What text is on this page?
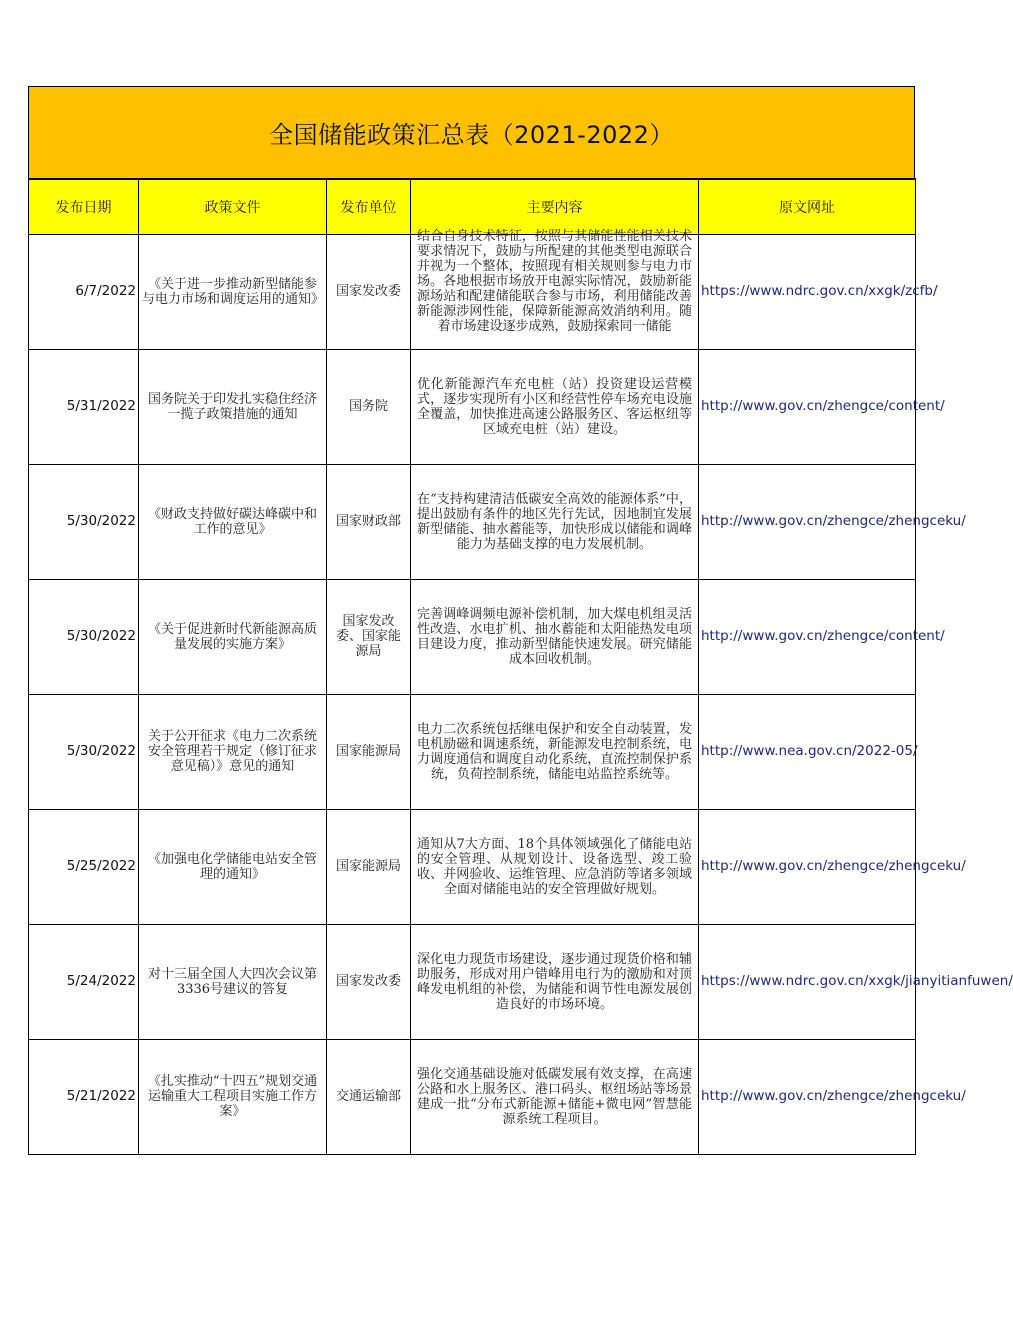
全国储能政策汇总表（2021-2022）
发布日期	政策文件	发布单位	主要内容	原文网址
6/7/2022	《关于进一步推动新型储能参与电力市场和调度运用的通知》	国家发改委	结合自身技术特征，按照与其储能性能相关技术要求情况下，鼓励与所配建的其他类型电源联合并视为一个整体，按照现有相关规则参与电力市场。各地根据市场放开电源实际情况，鼓励新能源场站和配建储能联合参与市场，利用储能改善新能源涉网性能，保障新能源高效消纳利用。随着市场建设逐步成熟，鼓励探索同一储能	https://www.ndrc.gov.cn/xxgk/zcfb/
5/31/2022	国务院关于印发扎实稳住经济一揽子政策措施的通知	国务院	优化新能源汽车充电桩（站）投资建设运营模式，逐步实现所有小区和经营性停车场充电设施全覆盖，加快推进高速公路服务区、客运枢纽等区域充电桩（站）建设。	http://www.gov.cn/zhengce/content/
5/30/2022	《财政支持做好碳达峰碳中和工作的意见》	国家财政部	在“支持构建清洁低碳安全高效的能源体系”中，提出鼓励有条件的地区先行先试，因地制宜发展新型储能、抽水蓄能等，加快形成以储能和调峰能力为基础支撑的电力发展机制。	http://www.gov.cn/zhengce/zhengceku/
5/30/2022	《关于促进新时代新能源高质量发展的实施方案》	国家发改委、国家能源局	完善调峰调频电源补偿机制，加大煤电机组灵活性改造、水电扩机、抽水蓄能和太阳能热发电项目建设力度，推动新型储能快速发展。研究储能成本回收机制。	http://www.gov.cn/zhengce/content/
5/30/2022	关于公开征求《电力二次系统安全管理若干规定（修订征求意见稿）》意见的通知	国家能源局	电力二次系统包括继电保护和安全自动装置，发电机励磁和调速系统，新能源发电控制系统，电力调度通信和调度自动化系统，直流控制保护系统，负荷控制系统，储能电站监控系统等。	http://www.nea.gov.cn/2022-05/
5/25/2022	《加强电化学储能电站安全管理的通知》	国家能源局	通知从7大方面、18个具体领域强化了储能电站的安全管理、从规划设计、设备选型、竣工验收、并网验收、运维管理、应急消防等诸多领域全面对储能电站的安全管理做好规划。	http://www.gov.cn/zhengce/zhengceku/
5/24/2022	对十三届全国人大四次会议第3336号建议的答复	国家发改委	深化电力现货市场建设，逐步通过现货价格和辅助服务，形成对用户错峰用电行为的激励和对顶峰发电机组的补偿，为储能和调节性电源发展创造良好的市场环境。	https://www.ndrc.gov.cn/xxgk/jianyitianfuwen/
5/21/2022	《扎实推动“十四五”规划交通运输重大工程项目实施工作方案》	交通运输部	强化交通基础设施对低碳发展有效支撑，在高速公路和水上服务区、港口码头、枢纽场站等场景建成一批“分布式新能源+储能+微电网”智慧能源系统工程项目。	http://www.gov.cn/zhengce/zhengceku/
